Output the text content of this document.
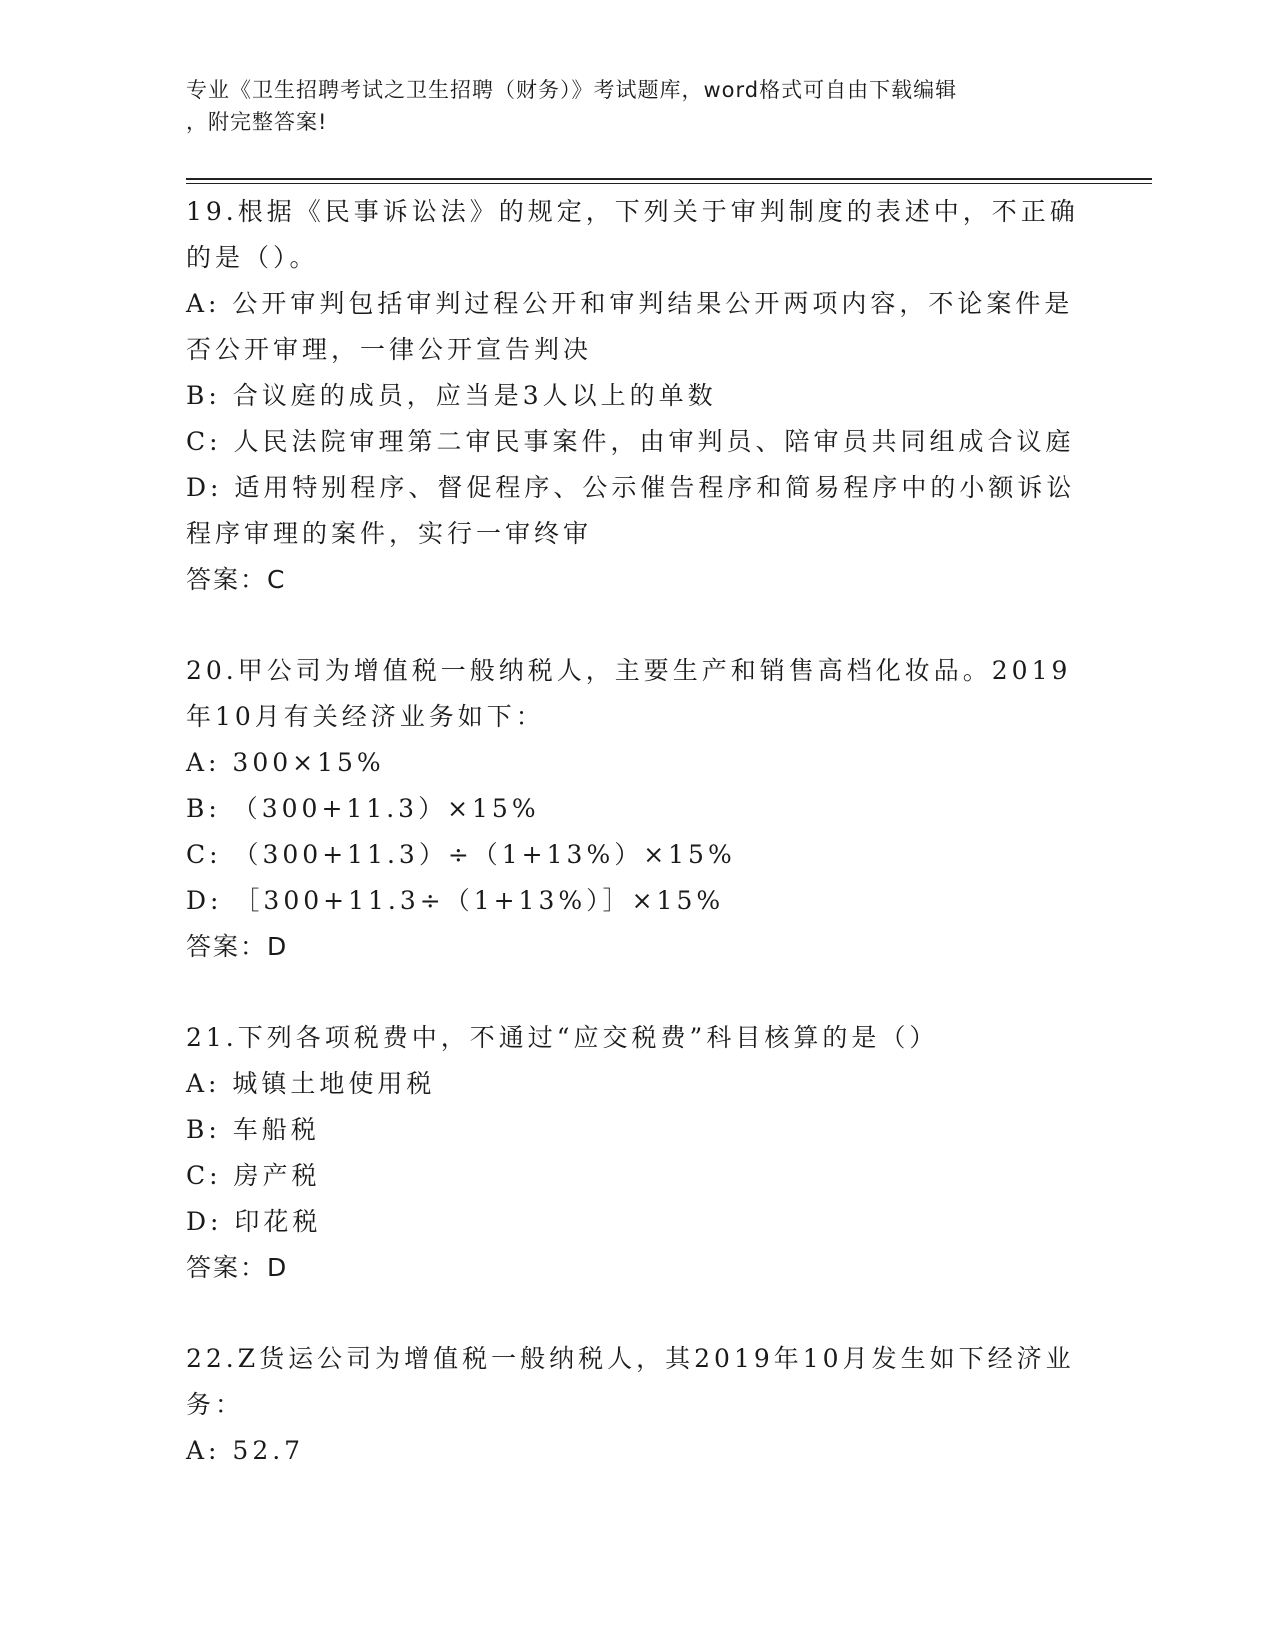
专业《卫生招聘考试之卫生招聘（财务）》考试题库，word格式可自由下载编辑
，附完整答案!
19.根据《民事诉讼法》的规定，下列关于审判制度的表述中，不正确
的是（）。
A: 公开审判包括审判过程公开和审判结果公开两项内容，不论案件是
否公开审理，一律公开宣告判决
B: 合议庭的成员，应当是3人以上的单数
C: 人民法院审理第二审民事案件，由审判员、陪审员共同组成合议庭
D: 适用特别程序、督促程序、公示催告程序和简易程序中的小额诉讼
程序审理的案件，实行一审终审
答案：C
20.甲公司为增值税一般纳税人，主要生产和销售高档化妆品。2019
年10月有关经济业务如下：
A: 300×15%
B: （300+11.3）×15%
C: （300+11.3）÷（1+13%）×15%
D: ［300+11.3÷（1+13%）］×15%
答案：D
21.下列各项税费中，不通过“应交税费”科目核算的是（）
A: 城镇土地使用税
B: 车船税
C: 房产税
D: 印花税
答案：D
22.Z货运公司为增值税一般纳税人，其2019年10月发生如下经济业
务：
A: 52.7
